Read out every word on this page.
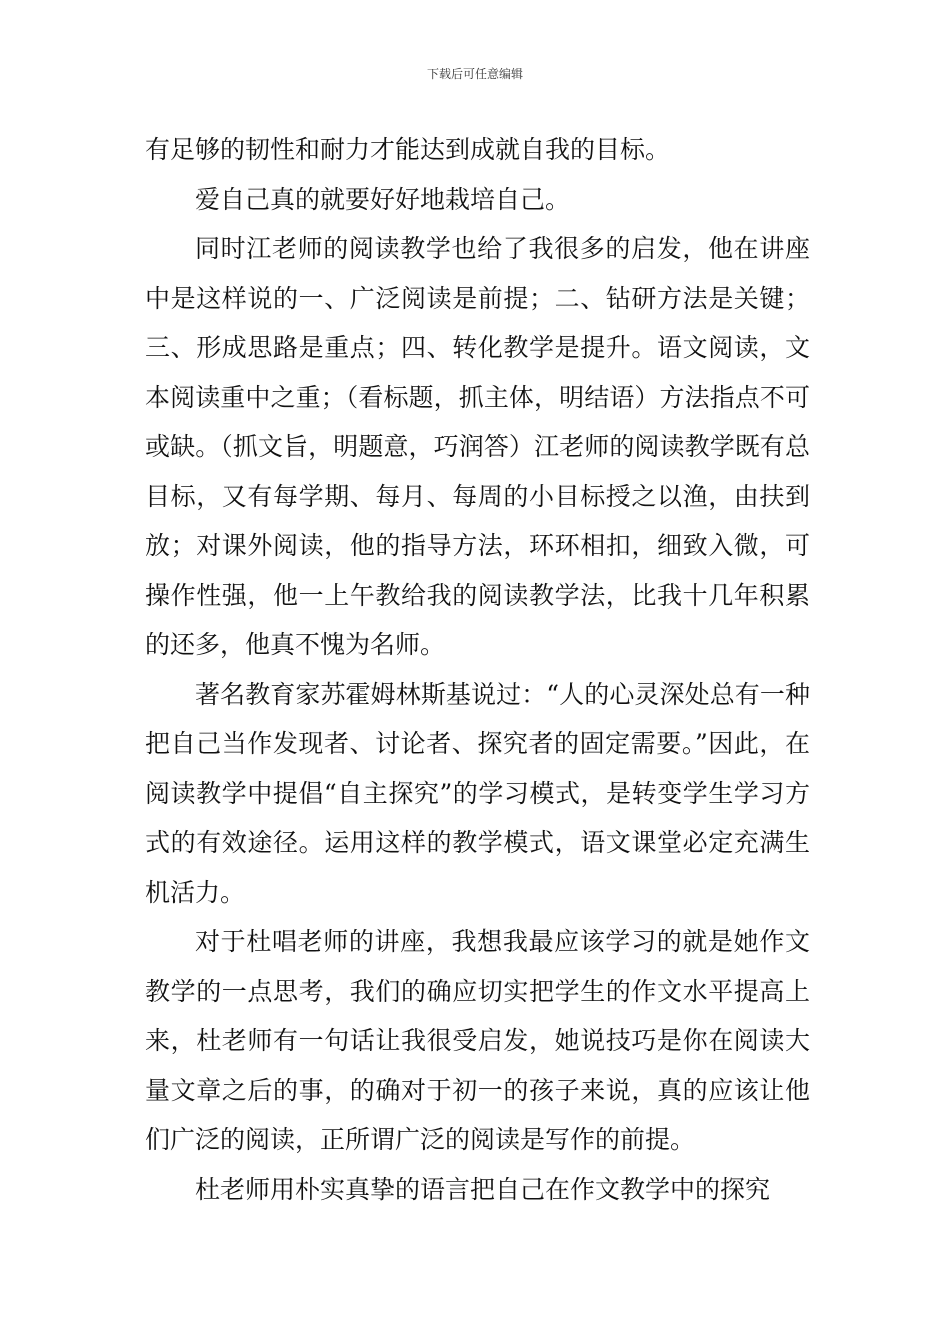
下载后可任意编辑

有足够的韧性和耐力才能达到成就自我的目标。

爱自己真的就要好好地栽培自己。

同时江老师的阅读教学也给了我很多的启发，他在讲座中是这样说的一、广泛阅读是前提；二、钻研方法是关键；三、形成思路是重点；四、转化教学是提升。语文阅读，文本阅读重中之重；（看标题，抓主体，明结语）方法指点不可或缺。（抓文旨，明题意，巧润答）江老师的阅读教学既有总目标，又有每学期、每月、每周的小目标授之以渔，由扶到放；对课外阅读，他的指导方法，环环相扣，细致入微，可操作性强，他一上午教给我的阅读教学法，比我十几年积累的还多，他真不愧为名师。

著名教育家苏霍姆林斯基说过：“人的心灵深处总有一种把自己当作发现者、讨论者、探究者的固定需要。”因此，在阅读教学中提倡“自主探究”的学习模式，是转变学生学习方式的有效途径。运用这样的教学模式，语文课堂必定充满生机活力。

对于杜唱老师的讲座，我想我最应该学习的就是她作文教学的一点思考，我们的确应切实把学生的作文水平提高上来，杜老师有一句话让我很受启发，她说技巧是你在阅读大量文章之后的事，的确对于初一的孩子来说，真的应该让他们广泛的阅读，正所谓广泛的阅读是写作的前提。

杜老师用朴实真挚的语言把自己在作文教学中的探究
